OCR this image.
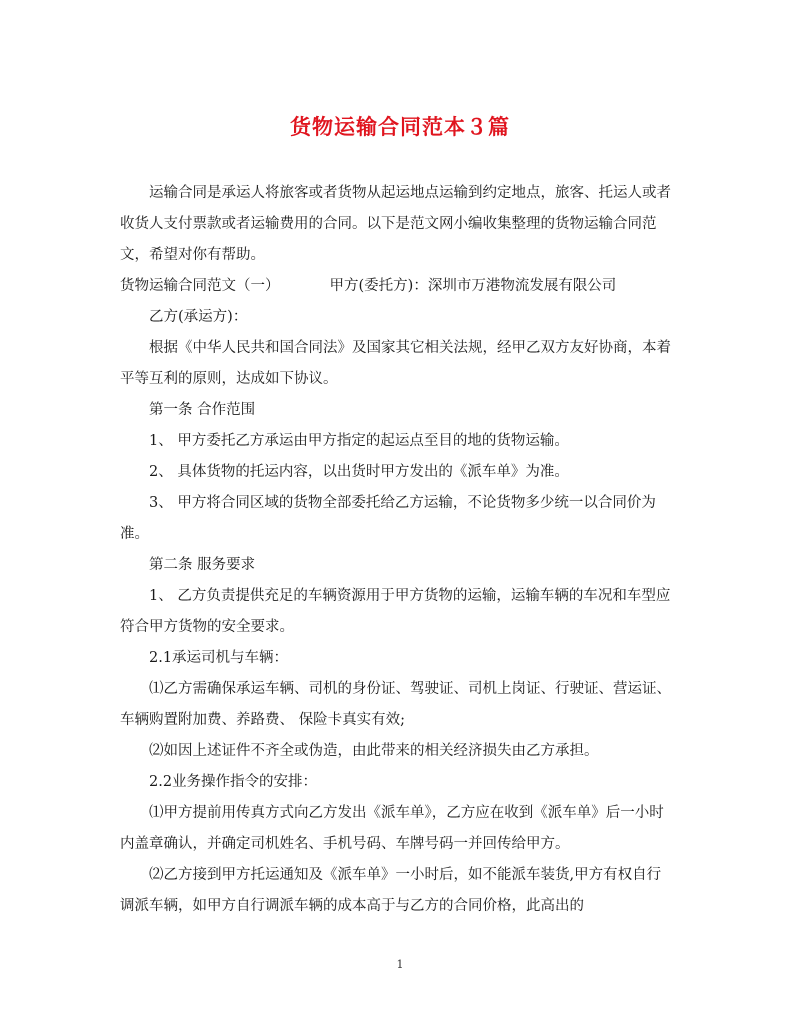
货物运输合同范本３篇

运输合同是承运人将旅客或者货物从起运地点运输到约定地点，旅客、托运人或者收货人支付票款或者运输费用的合同。以下是范文网小编收集整理的货物运输合同范文，希望对你有帮助。

货物运输合同范文（一）	甲方(委托方)：深圳市万港物流发展有限公司

乙方(承运方)：

根据《中华人民共和国合同法》及国家其它相关法规，经甲乙双方友好协商，本着平等互利的原则，达成如下协议。

第一条 合作范围

1、 甲方委托乙方承运由甲方指定的起运点至目的地的货物运输。

2、 具体货物的托运内容，以出货时甲方发出的《派车单》为准。

3、 甲方将合同区域的货物全部委托给乙方运输，不论货物多少统一以合同价为准。

第二条 服务要求

1、 乙方负责提供充足的车辆资源用于甲方货物的运输，运输车辆的车况和车型应符合甲方货物的安全要求。

2.1承运司机与车辆：

⑴乙方需确保承运车辆、司机的身份证、驾驶证、司机上岗证、行驶证、营运证、车辆购置附加费、养路费、 保险卡真实有效;

⑵如因上述证件不齐全或伪造，由此带来的相关经济损失由乙方承担。

2.2业务操作指令的安排：

⑴甲方提前用传真方式向乙方发出《派车单》，乙方应在收到《派车单》后一小时内盖章确认，并确定司机姓名、手机号码、车牌号码一并回传给甲方。

⑵乙方接到甲方托运通知及《派车单》一小时后，如不能派车装货,甲方有权自行调派车辆，如甲方自行调派车辆的成本高于与乙方的合同价格，此高出的

1
